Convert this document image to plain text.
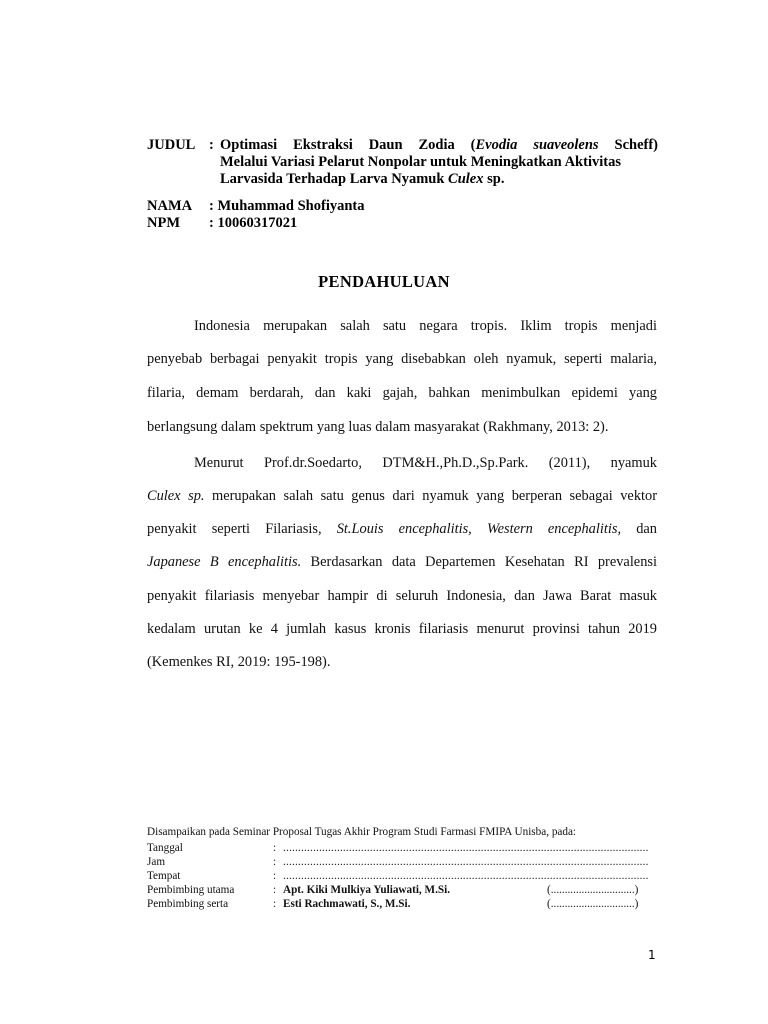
JUDUL : Optimasi Ekstraksi Daun Zodia (Evodia suaveolens Scheff)
Melalui Variasi Pelarut Nonpolar untuk Meningkatkan Aktivitas
Larvasida Terhadap Larva Nyamuk Culex sp.
NAMA : Muhammad Shofiyanta
NPM : 10060317021
PENDAHULUAN
Indonesia merupakan salah satu negara tropis. Iklim tropis menjadi
penyebab berbagai penyakit tropis yang disebabkan oleh nyamuk, seperti malaria,
filaria, demam berdarah, dan kaki gajah, bahkan menimbulkan epidemi yang
berlangsung dalam spektrum yang luas dalam masyarakat (Rakhmany, 2013: 2).
Menurut Prof.dr.Soedarto, DTM&H.,Ph.D.,Sp.Park. (2011), nyamuk
Culex sp. merupakan salah satu genus dari nyamuk yang berperan sebagai vektor
penyakit seperti Filariasis, St.Louis encephalitis, Western encephalitis, dan
Japanese B encephalitis. Berdasarkan data Departemen Kesehatan RI prevalensi
penyakit filariasis menyebar hampir di seluruh Indonesia, dan Jawa Barat masuk
kedalam urutan ke 4 jumlah kasus kronis filariasis menurut provinsi tahun 2019
(Kemenkes RI, 2019: 195-198).
Disampaikan pada Seminar Proposal Tugas Akhir Program Studi Farmasi FMIPA Unisba, pada:
Tanggal	: ..........................................................................................................................
Jam	: ..........................................................................................................................
Tempat	: ..........................................................................................................................
Pembimbing utama	: Apt. Kiki Mulkiya Yuliawati, M.Si.	(..............................)
Pembimbing serta	: Esti Rachmawati, S., M.Si.	(..............................)
1
